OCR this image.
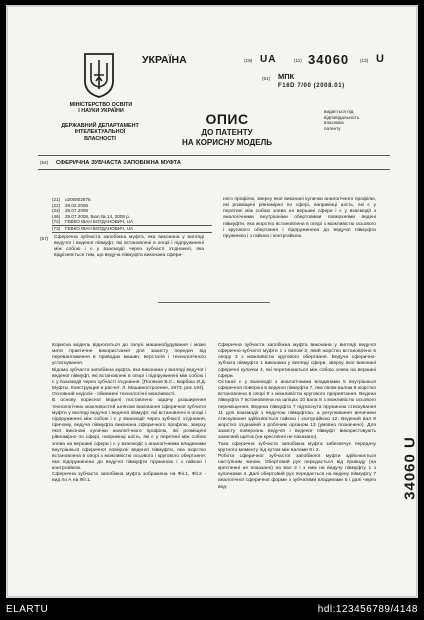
МІНІСТЕРСТВО ОСВІТИ
І НАУКИ УКРАЇНИ
ДЕРЖАВНИЙ ДЕПАРТАМЕНТ
ІНТЕЛЕКТУАЛЬНОЇ
ВЛАСНОСТІ
УКРАЇНА	(19) UA	(11) 34060 (13) U
(51) МПК
F16D 7/00 (2008.01)
ОПИС
ДО ПАТЕНТУ
НА КОРИСНУ МОДЕЛЬ
видається під
відповідальність
власника
патенту
(54) СФЕРИЧНА ЗУБЧАСТА ЗАПОБІЖНА МУФТА
(21) u200802676
(22) 29.02.2008
(24) 25.07.2008
(46) 25.07.2008, Бюл.№ 14, 2008 р.
(72) ГЕВКО ІВАН БОГДАНОВИЧ, UA
(73) ГЕВКО ІВАН БОГДАНОВИЧ, UA
(57) Сферична зубчаста запобіжна муфта, яка виконана у вигляді ведучої і веденої півмуфт, які встановлені в опорі і підпружинені між собою і є у взаємодії через зубчасті з'єднання, яка відрізняється тим, що ведуча півмуфта виконана сфери-
ного профілю, зверху якої виконані кулачки аналогічного профілю, які розміщені рівномірно по сфері, наприкінці шість, які є у перетині між собою злева на вершині сфери і є у взаємодії з аналогічними внутрішніми обертовими поверхнями ведені півмуфти, яка жорстко встановлена в опорі з можливістю осьового і кругового обертання і підпружинена до ведучої півмуфти пружиною і з гайкою і контргайкою.
Корисна модель відноситься до галузі машинобудування і може мати практичне використання для захисту передач від перевантаження в приводах машин, верстатів і технологічного устаткування.
Відома зубчаста запобіжна муфта, яка виконана у вигляді ведучої і веденої півмуфт, які встановлені в опорі і підпружинені між собою і є у взаємодії через зубчасті з'єднання. [Поляков В.С., Барбаш И.Д. Муфты. Конструкция и расчет. Л. Машиностроение, 1973, рис.194].
Основний недолік - обмежені технологічні можливості.
В основу корисної моделі поставлено задачу розширення технологічних можливостей шляхом виконання сферичної зубчатої муфти у вигляді ведучої і веденої півмуфт, які встановлені в опорі і підпружинені між собою і є у взаємодії через зубчасті з'єднання, причому, ведуча півмуфта виконана сферичного профілю, зверху якої виконані кулачки аналогічного профілю, які розміщені рівномірно по сфері, наприкінці шість, які є у перетині між собою злева на вершині сфери і є у взаємодії з аналогічними владинами внутрішньої сферичної поверхні веденої півмуфти, яка жорстко встановлена в опорі з можливістю осьового і кругового обертання, яка підпружинена до ведучої півмуфти пружиною і з гайкою і контргайкою.
Сферична зубчаста запобіжна муфта зображена на Фіг.1, Фіг.2 - вид по А на Фіг.1.
Сферична зубчаста запобіжна муфта виконана у вигляді ведучої сферично-зубчатої муфти 1 з валом 2, який жорстко встановлено в опору 3 з можливістю кругового обертання. Ведуча сферично-зубчата півмуфта 1 виконана у вигляді сфери, зверху якої виконані сферичні кулачки 4, які перетинаються між собою злева на вершині сфери.
Останні є у взаємодії з аналогічними владинами 5 внутрішньої сферичної поверхні 6 веденої півмуфти 7, яка своїм валом 8 жорстко встановлена в опорі 9 з можливістю кругового проревтання. Ведена півмуфта 7 встановлена на шпіцах 10 вала 8 з можливістю осьового переміщення. Ведена півмуфта 7 підтиснута пружиною стискування 11 для взаємодії з ведучою півмуфтою, а регулювання величини стискування здійснюється гайкою і контргайкою 12. Ведений вал 8 жорстко з'єднаний з робочим органом 13 (умовно позначено). Для захисту поверхонь ведучої і веденої півмуфт використовують захисний щиток (на кресленні не показано).
Така сферична зубчаста запобіжна муфта забезпечує передачу крутного моменту під кутом між валами 8 і 2.
Робота сферичної зубчастої запобіжної муфти здійснюється наступним чином. Обертовий рух передається від приводу (на кресленні не показано) на вал 2 і з ним на ведучу півмуфту 1 з кулачками 4. Далі обертовий рух передається на ведену півмуфту 7 аналогічної сферичної форми з зубчатими владинами 5 і далі через вед-	34060 U
ELARTU	hdl:123456789/4148
